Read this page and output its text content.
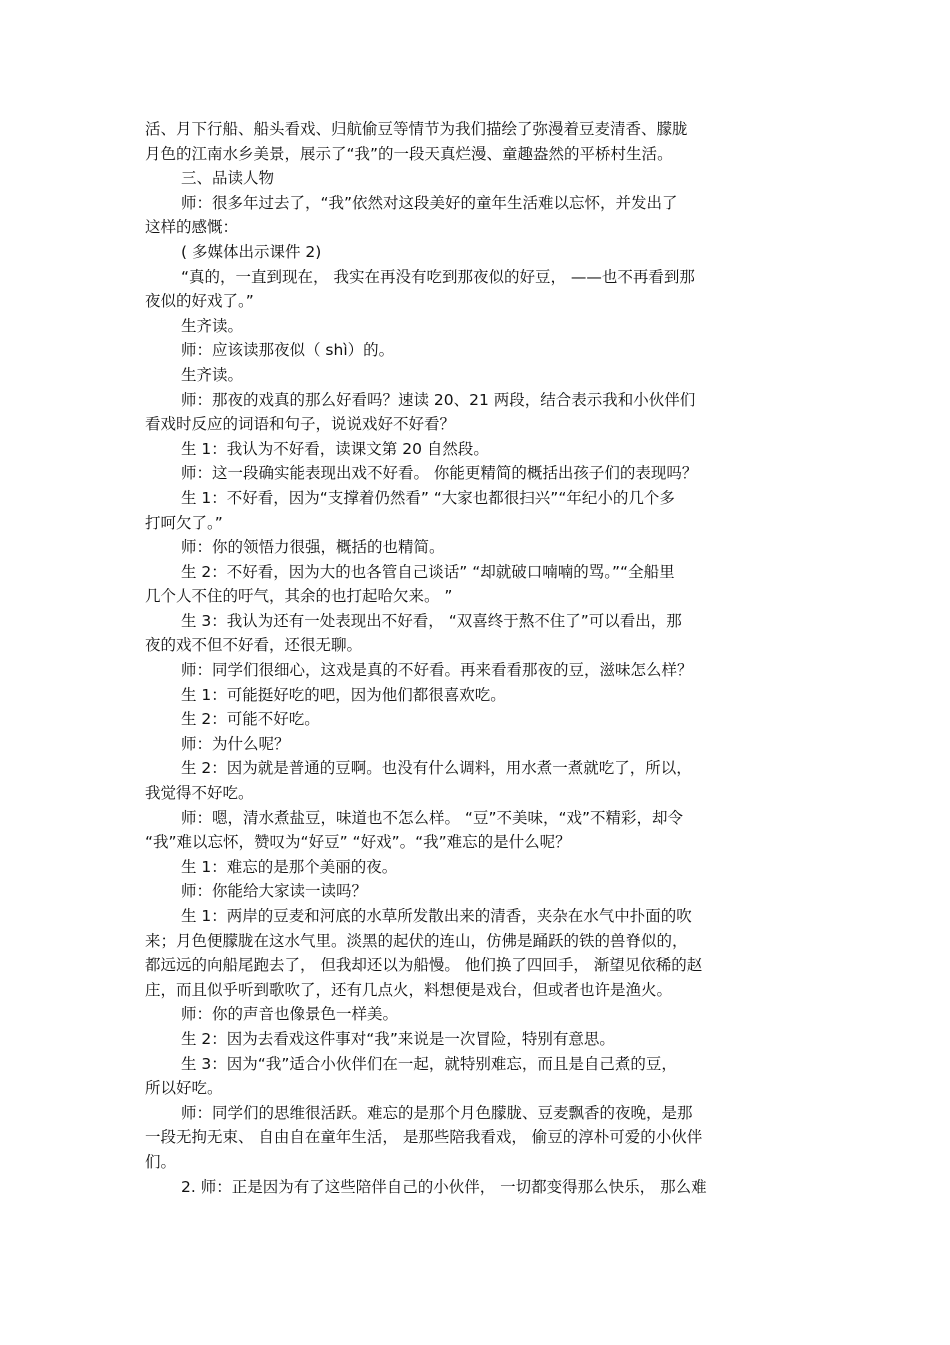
活、月下行船、船头看戏、归航偷豆等情节为我们描绘了弥漫着豆麦清香、朦胧
月色的江南水乡美景，展示了“我”的一段天真烂漫、童趣盎然的平桥村生活。
三、品读人物
师：很多年过去了，“我”依然对这段美好的童年生活难以忘怀，并发出了
这样的感慨：
( 多媒体出示课件 2)
“真的，一直到现在， 我实在再没有吃到那夜似的好豆， ——也不再看到那
夜似的好戏了。”
生齐读。
师：应该读那夜似（ shì）的。
生齐读。
师：那夜的戏真的那么好看吗？速读 20、21 两段，结合表示我和小伙伴们
看戏时反应的词语和句子，说说戏好不好看？
生 1：我认为不好看，读课文第 20 自然段。
师：这一段确实能表现出戏不好看。 你能更精简的概括出孩子们的表现吗？
生 1：不好看，因为“支撑着仍然看” “大家也都很扫兴”“年纪小的几个多
打呵欠了。”
师：你的领悟力很强，概括的也精简。
生 2：不好看，因为大的也各管自己谈话” “却就破口喃喃的骂。”“全船里
几个人不住的吁气，其余的也打起哈欠来。 ”
生 3：我认为还有一处表现出不好看， “双喜终于熬不住了”可以看出，那
夜的戏不但不好看，还很无聊。
师：同学们很细心，这戏是真的不好看。再来看看那夜的豆，滋味怎么样？
生 1：可能挺好吃的吧，因为他们都很喜欢吃。
生 2：可能不好吃。
师：为什么呢？
生 2：因为就是普通的豆啊。也没有什么调料，用水煮一煮就吃了，所以，
我觉得不好吃。
师：嗯，清水煮盐豆，味道也不怎么样。 “豆”不美味，“戏”不精彩，却令
“我”难以忘怀，赞叹为“好豆” “好戏”。“我”难忘的是什么呢？
生 1：难忘的是那个美丽的夜。
师：你能给大家读一读吗？
生 1：两岸的豆麦和河底的水草所发散出来的清香，夹杂在水气中扑面的吹
来；月色便朦胧在这水气里。淡黑的起伏的连山，仿佛是踊跃的铁的兽脊似的，
都远远的向船尾跑去了， 但我却还以为船慢。 他们换了四回手， 渐望见依稀的赵
庄，而且似乎听到歌吹了，还有几点火，料想便是戏台，但或者也许是渔火。
师：你的声音也像景色一样美。
生 2：因为去看戏这件事对“我”来说是一次冒险，特别有意思。
生 3：因为“我”适合小伙伴们在一起，就特别难忘，而且是自己煮的豆，
所以好吃。
师：同学们的思维很活跃。难忘的是那个月色朦胧、豆麦飘香的夜晚，是那
一段无拘无束、 自由自在童年生活， 是那些陪我看戏， 偷豆的淳朴可爱的小伙伴
们。
2. 师：正是因为有了这些陪伴自己的小伙伴， 一切都变得那么快乐， 那么难
